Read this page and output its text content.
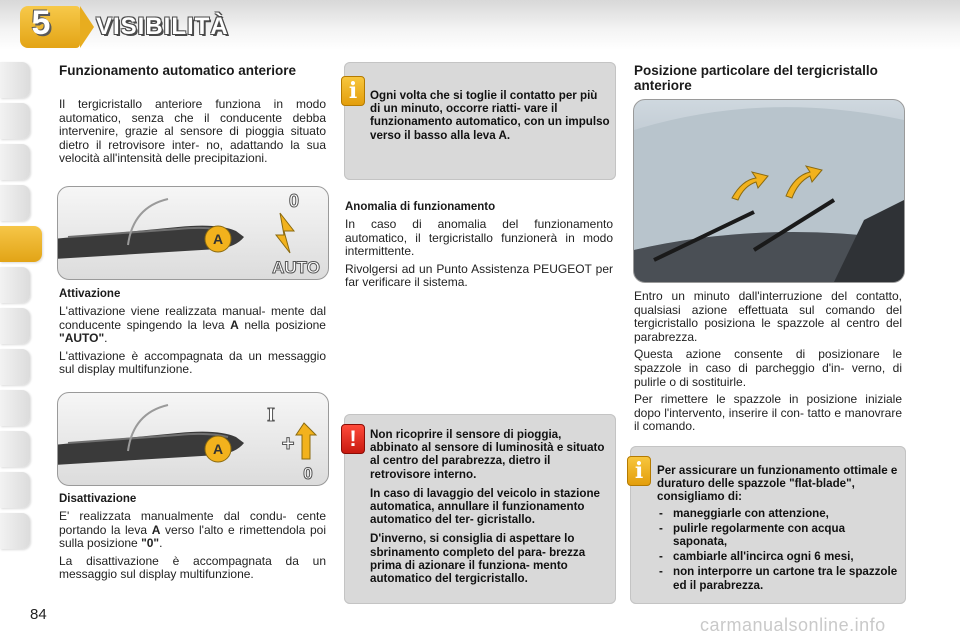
5	VISIBILITÀ
Funzionamento automatico anteriore
Il tergicristallo anteriore funziona in modo automatico, senza che il conducente debba intervenire, grazie al sensore di pioggia situato dietro il retrovisore inter- no, adattando la sua velocità all'intensità delle precipitazioni.
A
0
AUTO
Attivazione

L'attivazione viene realizzata manual- mente dal conducente spingendo la leva A nella posizione "AUTO".

L'attivazione è accompagnata da un messaggio sul display multifunzione.

A
I
+
0
Disattivazione

E' realizzata manualmente dal condu- cente portando la leva A verso l'alto e rimettendola poi sulla posizione "0".

La disattivazione è accompagnata da un messaggio sul display multifunzione.

i	Ogni volta che si toglie il contatto per più di un minuto, occorre riatti- vare il funzionamento automatico, con un impulso verso il basso alla leva A.
Anomalia di funzionamento

In caso di anomalia del funzionamento automatico, il tergicristallo funzionerà in modo intermittente.

Rivolgersi ad un Punto Assistenza PEUGEOT per far verificare il sistema.

!	Non ricoprire il sensore di pioggia, abbinato al sensore di luminosità e situato al centro del parabrezza, dietro il retrovisore interno.

In caso di lavaggio del veicolo in stazione automatica, annullare il funzionamento automatico del ter- gicristallo.

D'inverno, si consiglia di aspettare lo sbrinamento completo del para- brezza prima di azionare il funziona- mento automatico del tergicristallo.

Posizione particolare del tergicristallo anteriore

Entro un minuto dall'interruzione del contatto, qualsiasi azione effettuata sul comando del tergicristallo posiziona le spazzole al centro del parabrezza.

Questa azione consente di posizionare le spazzole in caso di parcheggio d'in- verno, di pulirle o di sostituirle.

Per rimettere le spazzole in posizione iniziale dopo l'intervento, inserire il con- tatto e manovrare il comando.

i	Per assicurare un funzionamento ottimale e duraturo delle spazzole "flat-blade", consigliamo di:

- maneggiarle con attenzione,
- pulirle regolarmente con acqua saponata,
- cambiarle all'incirca ogni 6 mesi,
- non interporre un cartone tra le spazzole ed il parabrezza.
84
carmanualsonline.info
